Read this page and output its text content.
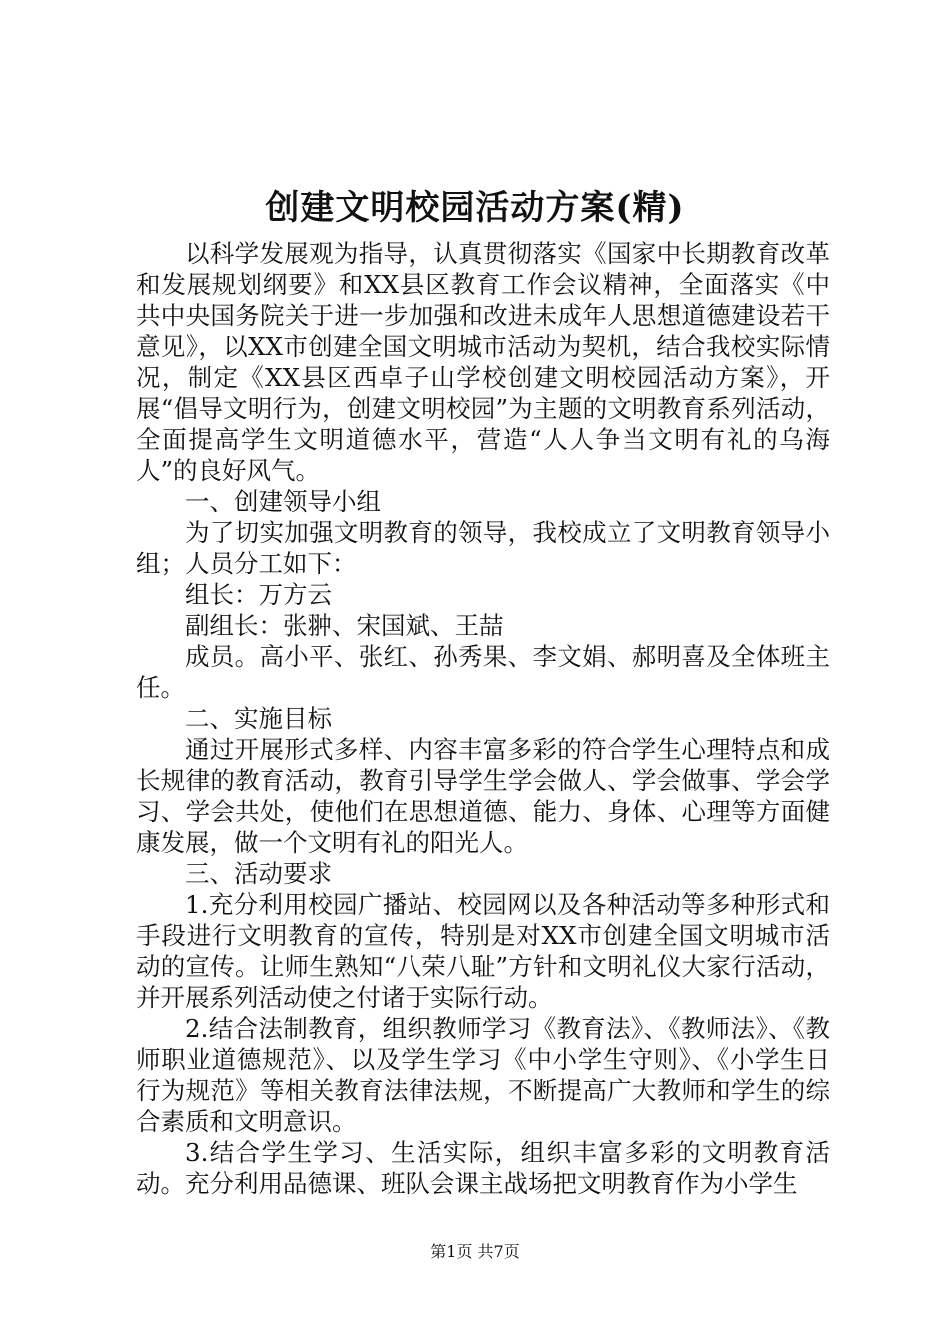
创建文明校园活动方案(精)

以科学发展观为指导，认真贯彻落实《国家中长期教育改革和发展规划纲要》和XX县区教育工作会议精神，全面落实《中共中央国务院关于进一步加强和改进未成年人思想道德建设若干意见》，以XX市创建全国文明城市活动为契机，结合我校实际情况，制定《XX县区西卓子山学校创建文明校园活动方案》，开展“倡导文明行为，创建文明校园”为主题的文明教育系列活动，全面提高学生文明道德水平，营造“人人争当文明有礼的乌海人”的良好风气。

一、创建领导小组

为了切实加强文明教育的领导，我校成立了文明教育领导小组；人员分工如下：

组长：万方云

副组长：张翀、宋国斌、王喆

成员。高小平、张红、孙秀果、李文娟、郝明喜及全体班主任。

二、实施目标

通过开展形式多样、内容丰富多彩的符合学生心理特点和成长规律的教育活动，教育引导学生学会做人、学会做事、学会学习、学会共处，使他们在思想道德、能力、身体、心理等方面健康发展，做一个文明有礼的阳光人。

三、活动要求

1.充分利用校园广播站、校园网以及各种活动等多种形式和手段进行文明教育的宣传，特别是对XX市创建全国文明城市活动的宣传。让师生熟知“八荣八耻”方针和文明礼仪大家行活动，并开展系列活动使之付诸于实际行动。

2.结合法制教育，组织教师学习《教育法》、《教师法》、《教师职业道德规范》、以及学生学习《中小学生守则》、《小学生日行为规范》等相关教育法律法规，不断提高广大教师和学生的综合素质和文明意识。

3.结合学生学习、生活实际，组织丰富多彩的文明教育活动。充分利用品德课、班队会课主战场把文明教育作为小学生

第1页 共7页
